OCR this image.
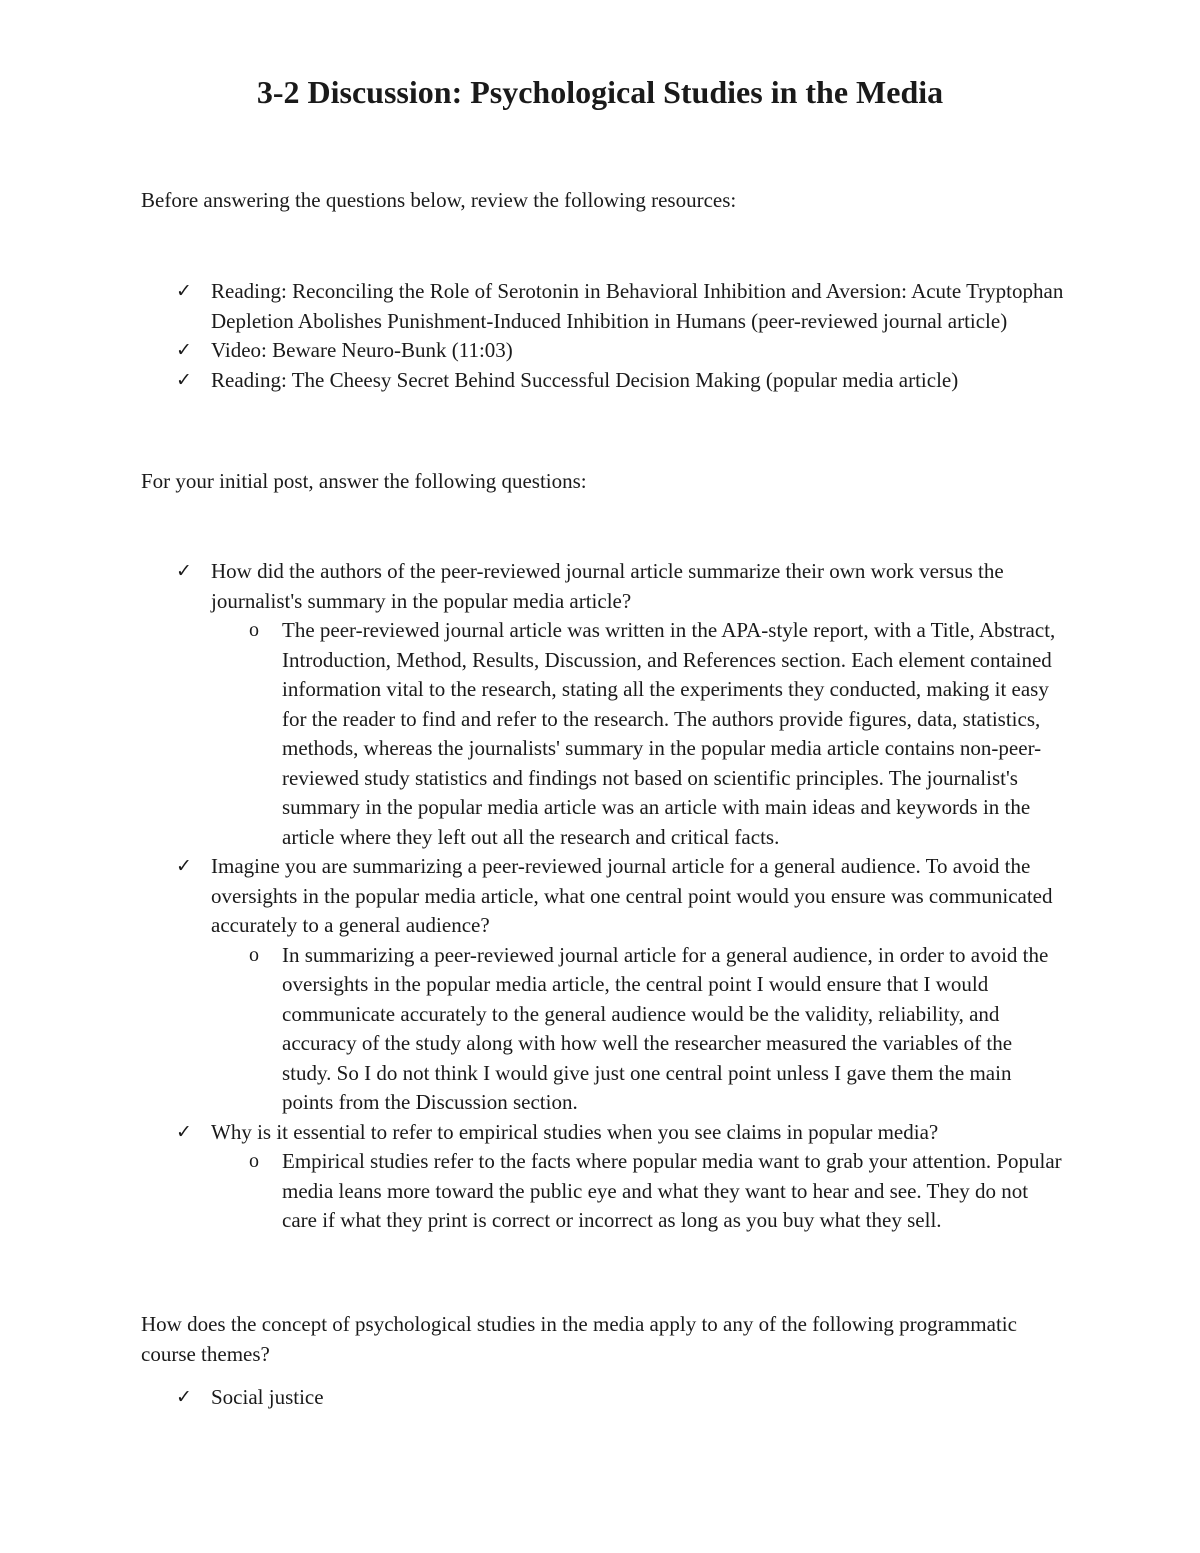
3-2 Discussion: Psychological Studies in the Media

Before answering the questions below, review the following resources:

✓ Reading: Reconciling the Role of Serotonin in Behavioral Inhibition and Aversion: Acute Tryptophan Depletion Abolishes Punishment-Induced Inhibition in Humans (peer-reviewed journal article)
✓ Video: Beware Neuro-Bunk (11:03)
✓ Reading: The Cheesy Secret Behind Successful Decision Making (popular media article)

For your initial post, answer the following questions:

✓ How did the authors of the peer-reviewed journal article summarize their own work versus the journalist's summary in the popular media article?
o The peer-reviewed journal article was written in the APA-style report, with a Title, Abstract, Introduction, Method, Results, Discussion, and References section. Each element contained information vital to the research, stating all the experiments they conducted, making it easy for the reader to find and refer to the research. The authors provide figures, data, statistics, methods, whereas the journalists' summary in the popular media article contains non-peer-reviewed study statistics and findings not based on scientific principles. The journalist's summary in the popular media article was an article with main ideas and keywords in the article where they left out all the research and critical facts.
✓ Imagine you are summarizing a peer-reviewed journal article for a general audience. To avoid the oversights in the popular media article, what one central point would you ensure was communicated accurately to a general audience?
o In summarizing a peer-reviewed journal article for a general audience, in order to avoid the oversights in the popular media article, the central point I would ensure that I would communicate accurately to the general audience would be the validity, reliability, and accuracy of the study along with how well the researcher measured the variables of the study. So I do not think I would give just one central point unless I gave them the main points from the Discussion section.
✓ Why is it essential to refer to empirical studies when you see claims in popular media?
o Empirical studies refer to the facts where popular media want to grab your attention. Popular media leans more toward the public eye and what they want to hear and see. They do not care if what they print is correct or incorrect as long as you buy what they sell.

How does the concept of psychological studies in the media apply to any of the following programmatic course themes?

✓ Social justice
